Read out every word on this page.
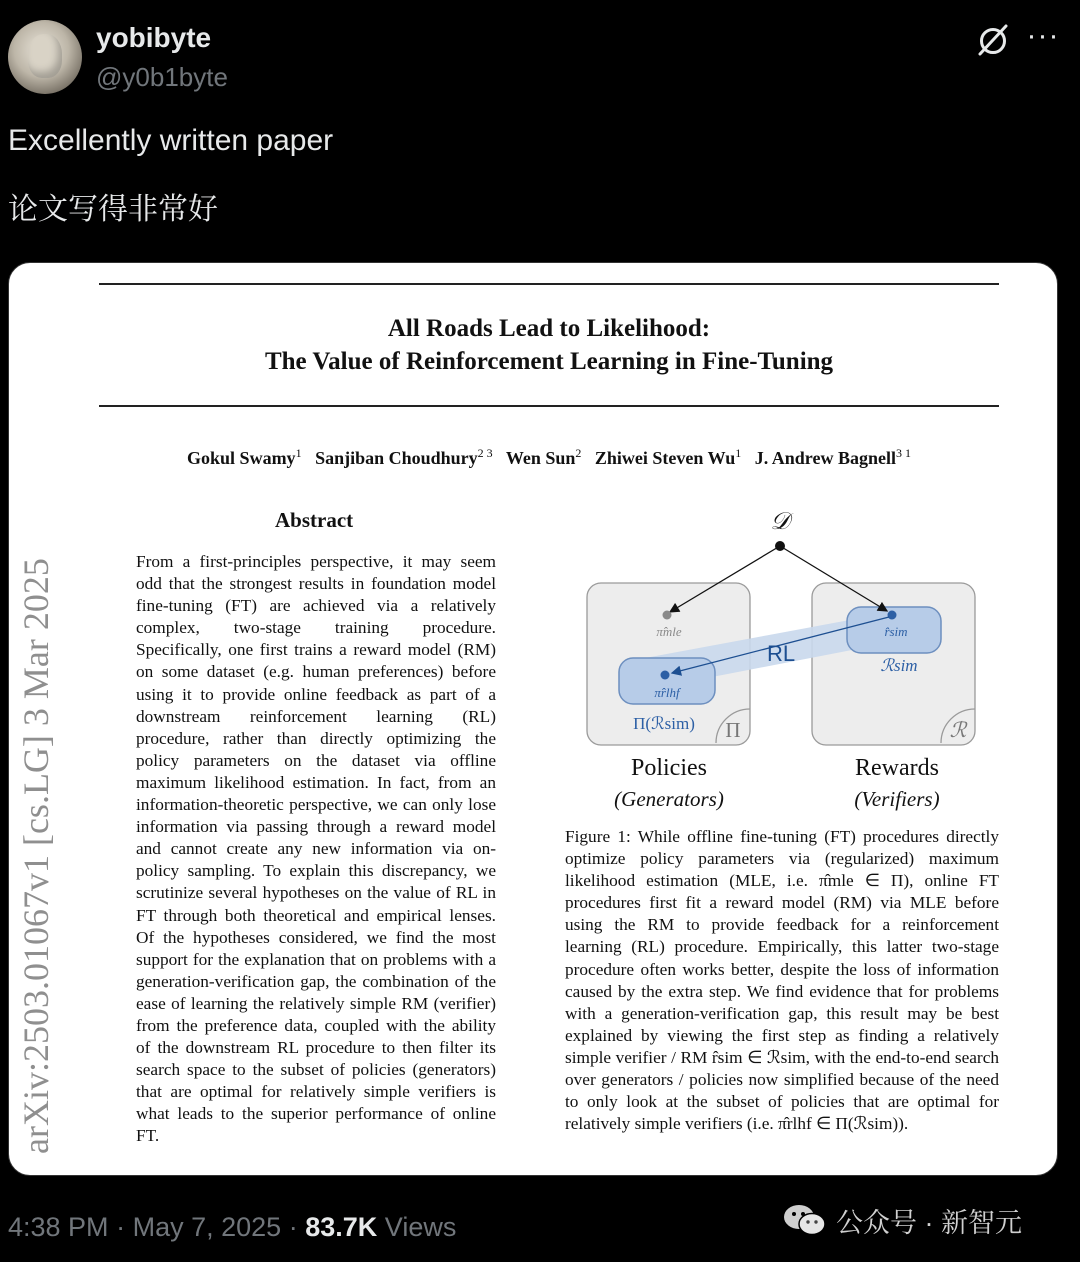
yobibyte
@y0b1byte
···
Excellently written paper
论文写得非常好
All Roads Lead to Likelihood:
The Value of Reinforcement Learning in Fine-Tuning
Gokul Swamy$^1$ Sanjiban Choudhury$^{2 3}$ Wen Sun$^2$ Zhiwei Steven Wu$^1$ J. Andrew Bagnell$^{3 1}$
arXiv:2503.01067v1 [cs.LG] 3 Mar 2025
Abstract
From a first-principles perspective, it may seem odd that the strongest results in foundation model fine-tuning (FT) are achieved via a relatively complex, two-stage training procedure. Specifically, one first trains a reward model (RM) on some dataset (e.g. human preferences) before using it to provide online feedback as part of a downstream reinforcement learning (RL) procedure, rather than directly optimizing the policy parameters on the dataset via offline maximum likelihood estimation. In fact, from an information-theoretic perspective, we can only lose information via passing through a reward model and cannot create any new information via on-policy sampling. To explain this discrepancy, we scrutinize several hypotheses on the value of RL in FT through both theoretical and empirical lenses. Of the hypotheses considered, we find the most support for the explanation that on problems with a generation-verification gap, the combination of the ease of learning the relatively simple RM (verifier) from the preference data, coupled with the ability of the downstream RL procedure to then filter its search space to the subset of policies (generators) that are optimal for relatively simple verifiers is what leads to the superior performance of online FT.
𝒟
π̂mle	r̂sim
ℛsim
π̂rlhf
RL
Π(ℛsim) Π	ℛ
Policies
(Generators)
Rewards
(Verifiers)
Figure 1: While offline fine-tuning (FT) procedures directly optimize policy parameters via (regularized) maximum likelihood estimation (MLE, i.e. π̂mle ∈ Π), online FT procedures first fit a reward model (RM) via MLE before using the RM to provide feedback for a reinforcement learning (RL) procedure. Empirically, this latter two-stage procedure often works better, despite the loss of information caused by the extra step. We find evidence that for problems with a generation-verification gap, this result may be best explained by viewing the first step as finding a relatively simple verifier / RM r̂sim ∈ ℛsim, with the end-to-end search over generators / policies now simplified because of the need to only look at the subset of policies that are optimal for relatively simple verifiers (i.e. π̂rlhf ∈ Π(ℛsim)).
4:38 PM · May 7, 2025 · 83.7K Views	公众号 · 新智元
